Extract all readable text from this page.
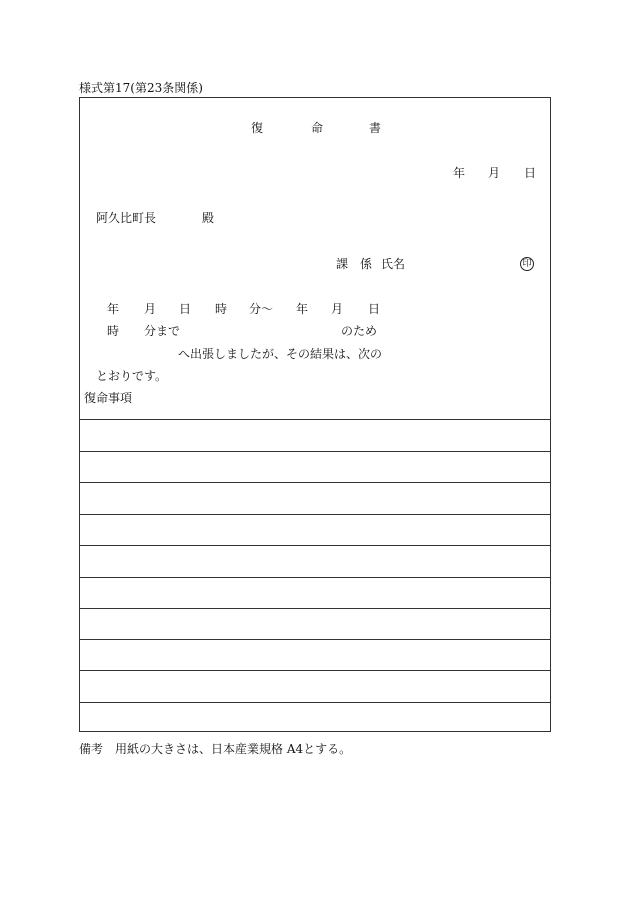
様式第17(第23条関係)
復	命	書
年 月 日
阿久比町長	殿
課 係 氏名	印
年 月 日 時 分〜 年 月 日
時 分まで	のため
へ出張しましたが、その結果は、次の
とおりです。
復命事項
備考　用紙の大きさは、日本産業規格 A4とする。
